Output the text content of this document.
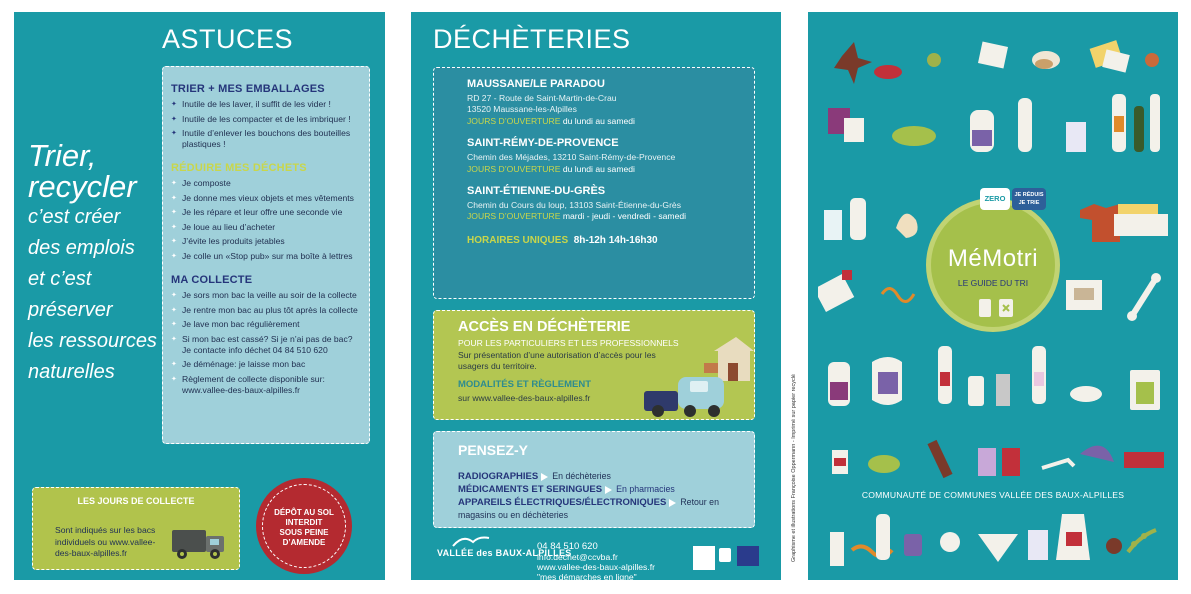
ASTUCES
Trier,
recycler
c’est créer
des emplois
et c’est
préserver
les ressources
naturelles
TRIER + MES EMBALLAGES
✦ Inutile de les laver, il suffit de les vider !
✦ Inutile de les compacter et de les imbriquer !
✦ Inutile d’enlever les bouchons des bouteilles plastiques !
RÉDUIRE MES DÉCHETS
✦ Je composte
✦ Je donne mes vieux objets et mes vêtements
✦ Je les répare et leur offre une seconde vie
✦ Je loue au lieu d’acheter
✦ J’évite les produits jetables
✦ Je colle un «Stop pub» sur ma boîte à lettres
MA COLLECTE
✦ Je sors mon bac la veille au soir de la collecte
✦ Je rentre mon bac au plus tôt après la collecte
✦ Je lave mon bac régulièrement
✦ Si mon bac est cassé? Si je n’ai pas de bac? Je contacte info déchet 04 84 510 620
✦ Je déménage: je laisse mon bac
✦ Règlement de collecte disponible sur: www.vallee-des-baux-alpilles.fr
LES JOURS DE COLLECTE
Sont indiqués sur les bacs individuels ou www.vallee-des-baux-alpilles.fr
DÉPÔT AU SOL
INTERDIT
SOUS PEINE D’AMENDE
DÉCHÈTERIES
MAUSSANE/LE PARADOU

RD 27 - Route de Saint-Martin-de-Crau

13520 Maussane-les-Alpilles

JOURS D’OUVERTURE du lundi au samedi

SAINT-RÉMY-DE-PROVENCE

Chemin des Méjades, 13210 Saint-Rémy-de-Provence

JOURS D’OUVERTURE du lundi au samedi

SAINT-ÉTIENNE-DU-GRÈS

Chemin du Cours du loup, 13103 Saint-Étienne-du-Grès

JOURS D’OUVERTURE mardi - jeudi - vendredi - samedi

HORAIRES UNIQUES 8h-12h 14h-16h30
ACCÈS EN DÉCHÈTERIE
POUR LES PARTICULIERS ET LES PROFESSIONNELS
Sur présentation d’une autorisation d’accès pour les usagers du territoire.
MODALITÉS ET RÈGLEMENT
sur www.vallee-des-baux-alpilles.fr
PENSEZ-Y
RADIOGRAPHIES En déchèteries
MÉDICAMENTS ET SERINGUES En pharmacies
APPAREILS ÉLECTRIQUES/ÉLECTRONIQUES Retour en magasins ou en déchèteries
VALLÉE des BAUX-ALPILLES
04 84 510 620
info.dechet@ccvba.fr
www.vallee-des-baux-alpilles.fr
"mes démarches en ligne"
Graphisme et illustrations Françoise Oppermann - Imprimé sur papier recyclé
MéMotri
LE GUIDE DU TRI
ZERO	JE RÉDUIS JE TRIE
COMMUNAUTÉ DE COMMUNES VALLÉE DES BAUX-ALPILLES
